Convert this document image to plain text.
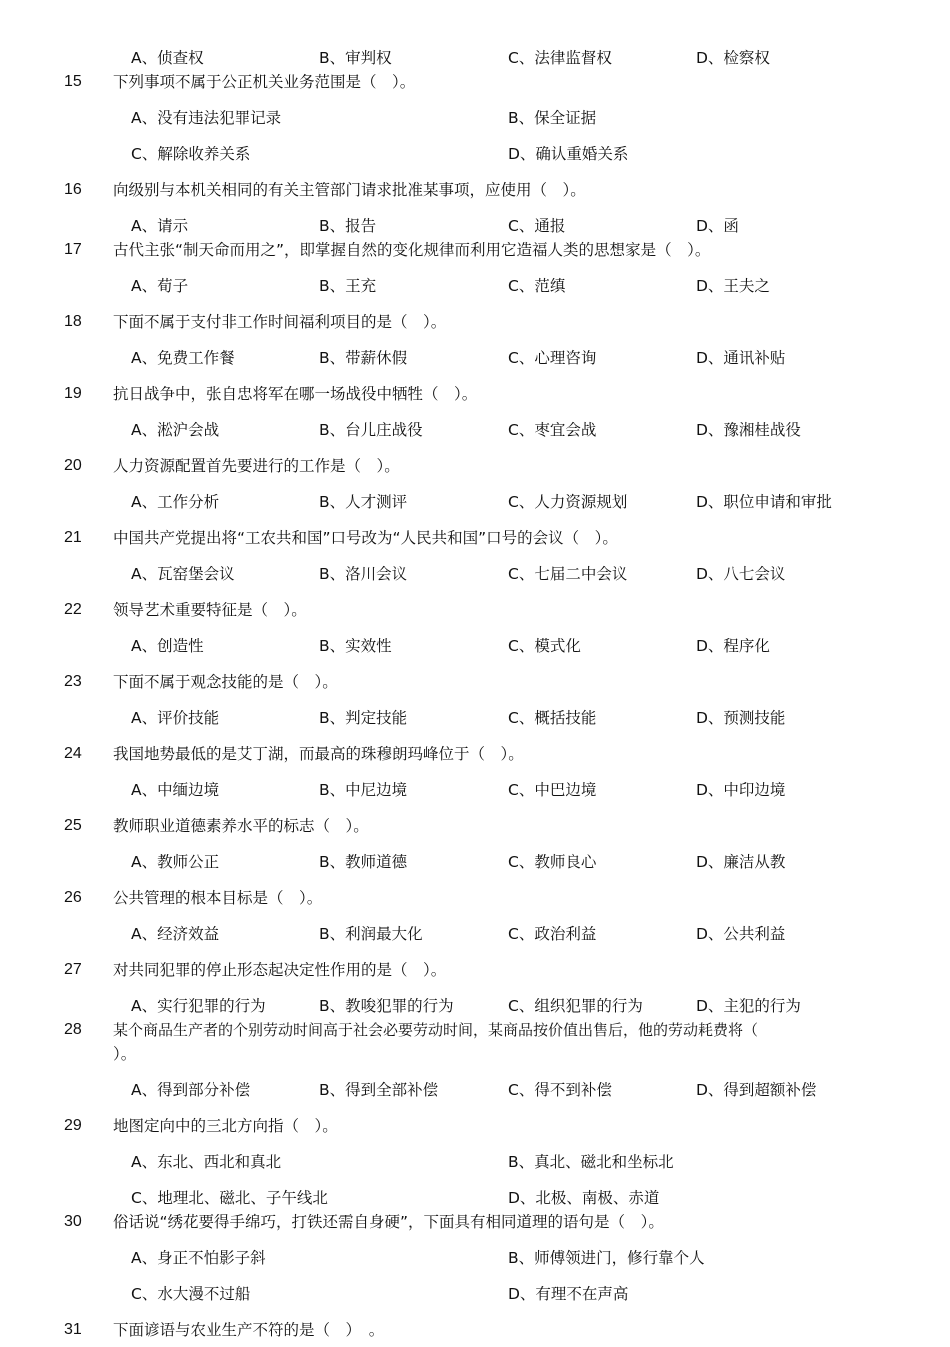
A、侦查权	B、审判权	C、法律监督权	D、检察权
15	下列事项不属于公正机关业务范围是（　）。
A、没有违法犯罪记录	B、保全证据
C、解除收养关系	D、确认重婚关系
16	向级别与本机关相同的有关主管部门请求批准某事项，应使用（　）。
A、请示	B、报告	C、通报	D、函
17	古代主张“制天命而用之”，即掌握自然的变化规律而利用它造福人类的思想家是（　）。
A、荀子	B、王充	C、范缜	D、王夫之
18	下面不属于支付非工作时间福利项目的是（　）。
A、免费工作餐	B、带薪休假	C、心理咨询	D、通讯补贴
19	抗日战争中，张自忠将军在哪一场战役中牺牲（　）。
A、淞沪会战	B、台儿庄战役	C、枣宜会战	D、豫湘桂战役
20	人力资源配置首先要进行的工作是（　）。
A、工作分析	B、人才测评	C、人力资源规划	D、职位申请和审批
21	中国共产党提出将“工农共和国”口号改为“人民共和国”口号的会议（　）。
A、瓦窑堡会议	B、洛川会议	C、七届二中会议	D、八七会议
22	领导艺术重要特征是（　）。
A、创造性	B、实效性	C、模式化	D、程序化
23	下面不属于观念技能的是（　）。
A、评价技能	B、判定技能	C、概括技能	D、预测技能
24	我国地势最低的是艾丁湖，而最高的珠穆朗玛峰位于（　）。
A、中缅边境	B、中尼边境	C、中巴边境	D、中印边境
25	教师职业道德素养水平的标志（　）。
A、教师公正	B、教师道德	C、教师良心	D、廉洁从教
26	公共管理的根本目标是（　）。
A、经济效益	B、利润最大化	C、政治利益	D、公共利益
27	对共同犯罪的停止形态起决定性作用的是（　）。
A、实行犯罪的行为	B、教唆犯罪的行为	C、组织犯罪的行为	D、主犯的行为
28	某个商品生产者的个别劳动时间高于社会必要劳动时间，某商品按价值出售后，他的劳动耗费将（
）。
A、得到部分补偿	B、得到全部补偿	C、得不到补偿	D、得到超额补偿
29	地图定向中的三北方向指（　）。
A、东北、西北和真北	B、真北、磁北和坐标北
C、地理北、磁北、子午线北	D、北极、南极、赤道
30	俗话说“绣花要得手绵巧，打铁还需自身硬”，下面具有相同道理的语句是（　）。
A、身正不怕影子斜	B、师傅领进门，修行靠个人
C、水大漫不过船	D、有理不在声高
31	下面谚语与农业生产不符的是（　）　。
